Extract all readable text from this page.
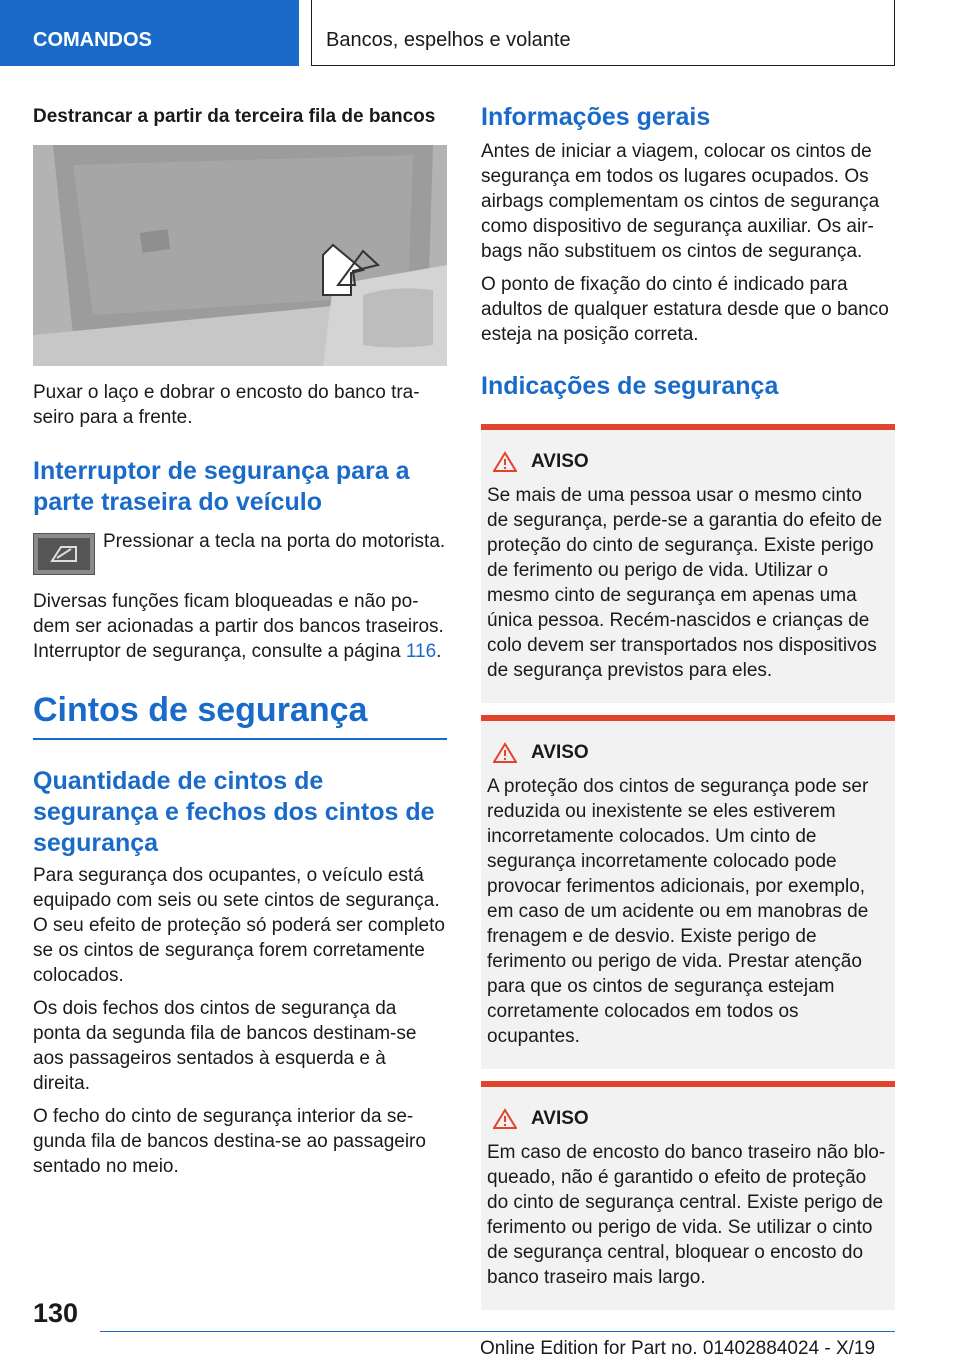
COMANDOS	Bancos, espelhos e volante
Destrancar a partir da terceira fila de bancos

Puxar o laço e dobrar o encosto do banco traseiro para a frente.

Interruptor de segurança para a parte traseira do veículo

Pressionar a tecla na porta do motorista.

Diversas funções ficam bloqueadas e não podem ser acionadas a partir dos bancos traseiros. Interruptor de segurança, consulte a página 116.

Cintos de segurança
Quantidade de cintos de segurança e fechos dos cintos de segurança

Para segurança dos ocupantes, o veículo está equipado com seis ou sete cintos de segurança. O seu efeito de proteção só poderá ser completo se os cintos de segurança forem corretamente colocados.

Os dois fechos dos cintos de segurança da ponta da segunda fila de bancos destinam-se aos passageiros sentados à esquerda e à direita.

O fecho do cinto de segurança interior da segunda fila de bancos destina-se ao passageiro sentado no meio.

Informações gerais

Antes de iniciar a viagem, colocar os cintos de segurança em todos os lugares ocupados. Os airbags complementam os cintos de segurança como dispositivo de segurança auxiliar. Os airbags não substituem os cintos de segurança.

O ponto de fixação do cinto é indicado para adultos de qualquer estatura desde que o banco esteja na posição correta.

Indicações de segurança
AVISO

Se mais de uma pessoa usar o mesmo cinto de segurança, perde-se a garantia do efeito de proteção do cinto de segurança. Existe perigo de ferimento ou perigo de vida. Utilizar o mesmo cinto de segurança em apenas uma única pessoa. Recém-nascidos e crianças de colo devem ser transportados nos dispositivos de segurança previstos para eles.

AVISO

A proteção dos cintos de segurança pode ser reduzida ou inexistente se eles estiverem incorretamente colocados. Um cinto de segurança incorretamente colocado pode provocar ferimentos adicionais, por exemplo, em caso de um acidente ou em manobras de frenagem e de desvio. Existe perigo de ferimento ou perigo de vida. Prestar atenção para que os cintos de segurança estejam corretamente colocados em todos os ocupantes.

AVISO

Em caso de encosto do banco traseiro não bloqueado, não é garantido o efeito de proteção do cinto de segurança central. Existe perigo de ferimento ou perigo de vida. Se utilizar o cinto de segurança central, bloquear o encosto do banco traseiro mais largo.

130
Online Edition for Part no. 01402884024 - X/19
